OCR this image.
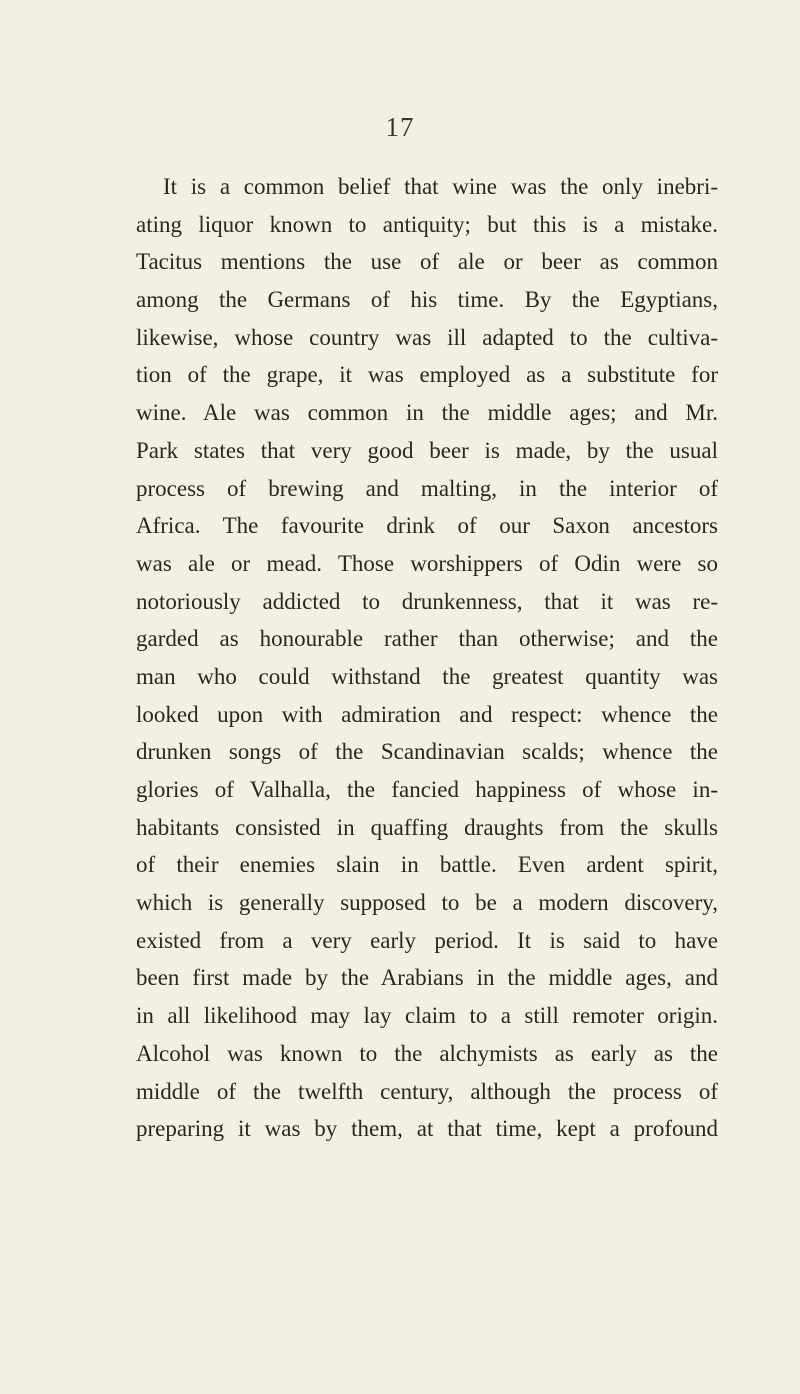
17
It is a common belief that wine was the only inebri-
ating liquor known to antiquity; but this is a mistake.
Tacitus mentions the use of ale or beer as common
among the Germans of his time. By the Egyptians,
likewise, whose country was ill adapted to the cultiva-
tion of the grape, it was employed as a substitute for
wine. Ale was common in the middle ages; and Mr.
Park states that very good beer is made, by the usual
process of brewing and malting, in the interior of
Africa. The favourite drink of our Saxon ancestors
was ale or mead. Those worshippers of Odin were so
notoriously addicted to drunkenness, that it was re-
garded as honourable rather than otherwise; and the
man who could withstand the greatest quantity was
looked upon with admiration and respect: whence the
drunken songs of the Scandinavian scalds; whence the
glories of Valhalla, the fancied happiness of whose in-
habitants consisted in quaffing draughts from the skulls
of their enemies slain in battle. Even ardent spirit,
which is generally supposed to be a modern discovery,
existed from a very early period. It is said to have
been first made by the Arabians in the middle ages, and
in all likelihood may lay claim to a still remoter origin.
Alcohol was known to the alchymists as early as the
middle of the twelfth century, although the process of
preparing it was by them, at that time, kept a profound
